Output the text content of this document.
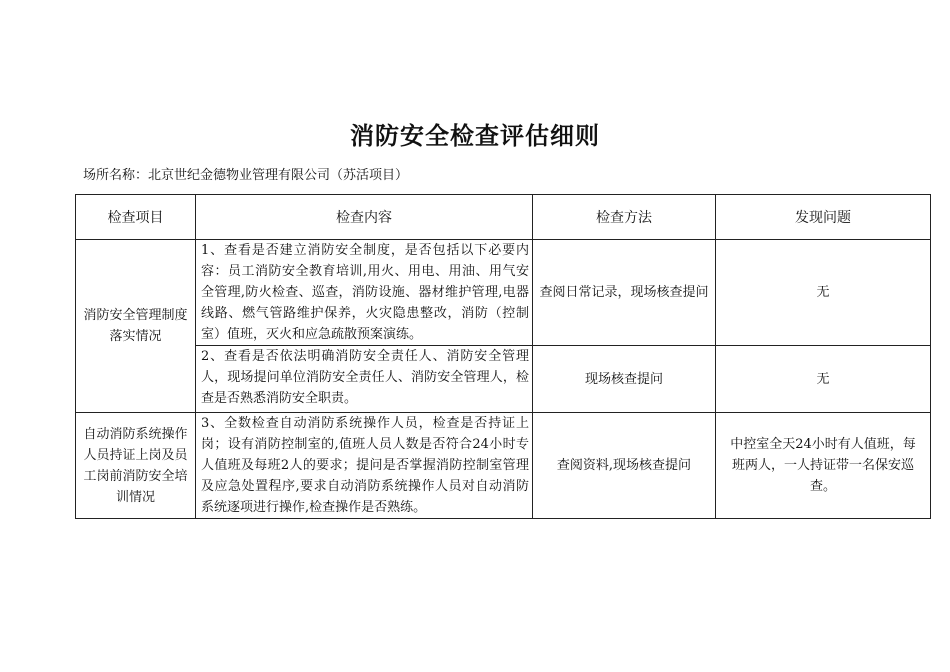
消防安全检查评估细则
场所名称：北京世纪金德物业管理有限公司（苏活项目）
检查项目	检查内容	检查方法	发现问题
消防安全管理制度落实情况	1、查看是否建立消防安全制度，是否包括以下必要内容：员工消防安全教育培训,用火、用电、用油、用气安全管理,防火检查、巡查，消防设施、器材维护管理,电器线路、燃气管路维护保养，火灾隐患整改，消防（控制室）值班，灭火和应急疏散预案演练。	查阅日常记录，现场核查提问	无
	2、查看是否依法明确消防安全责任人、消防安全管理人，现场提问单位消防安全责任人、消防安全管理人，检查是否熟悉消防安全职责。	现场核查提问	无
自动消防系统操作人员持证上岗及员工岗前消防安全培训情况	3、全数检查自动消防系统操作人员，检查是否持证上岗；设有消防控制室的,值班人员人数是否符合24小时专人值班及每班2人的要求；提问是否掌握消防控制室管理及应急处置程序,要求自动消防系统操作人员对自动消防系统逐项进行操作,检查操作是否熟练。	查阅资料,现场核查提问	中控室全天24小时有人值班，每班两人，一人持证带一名保安巡查。
